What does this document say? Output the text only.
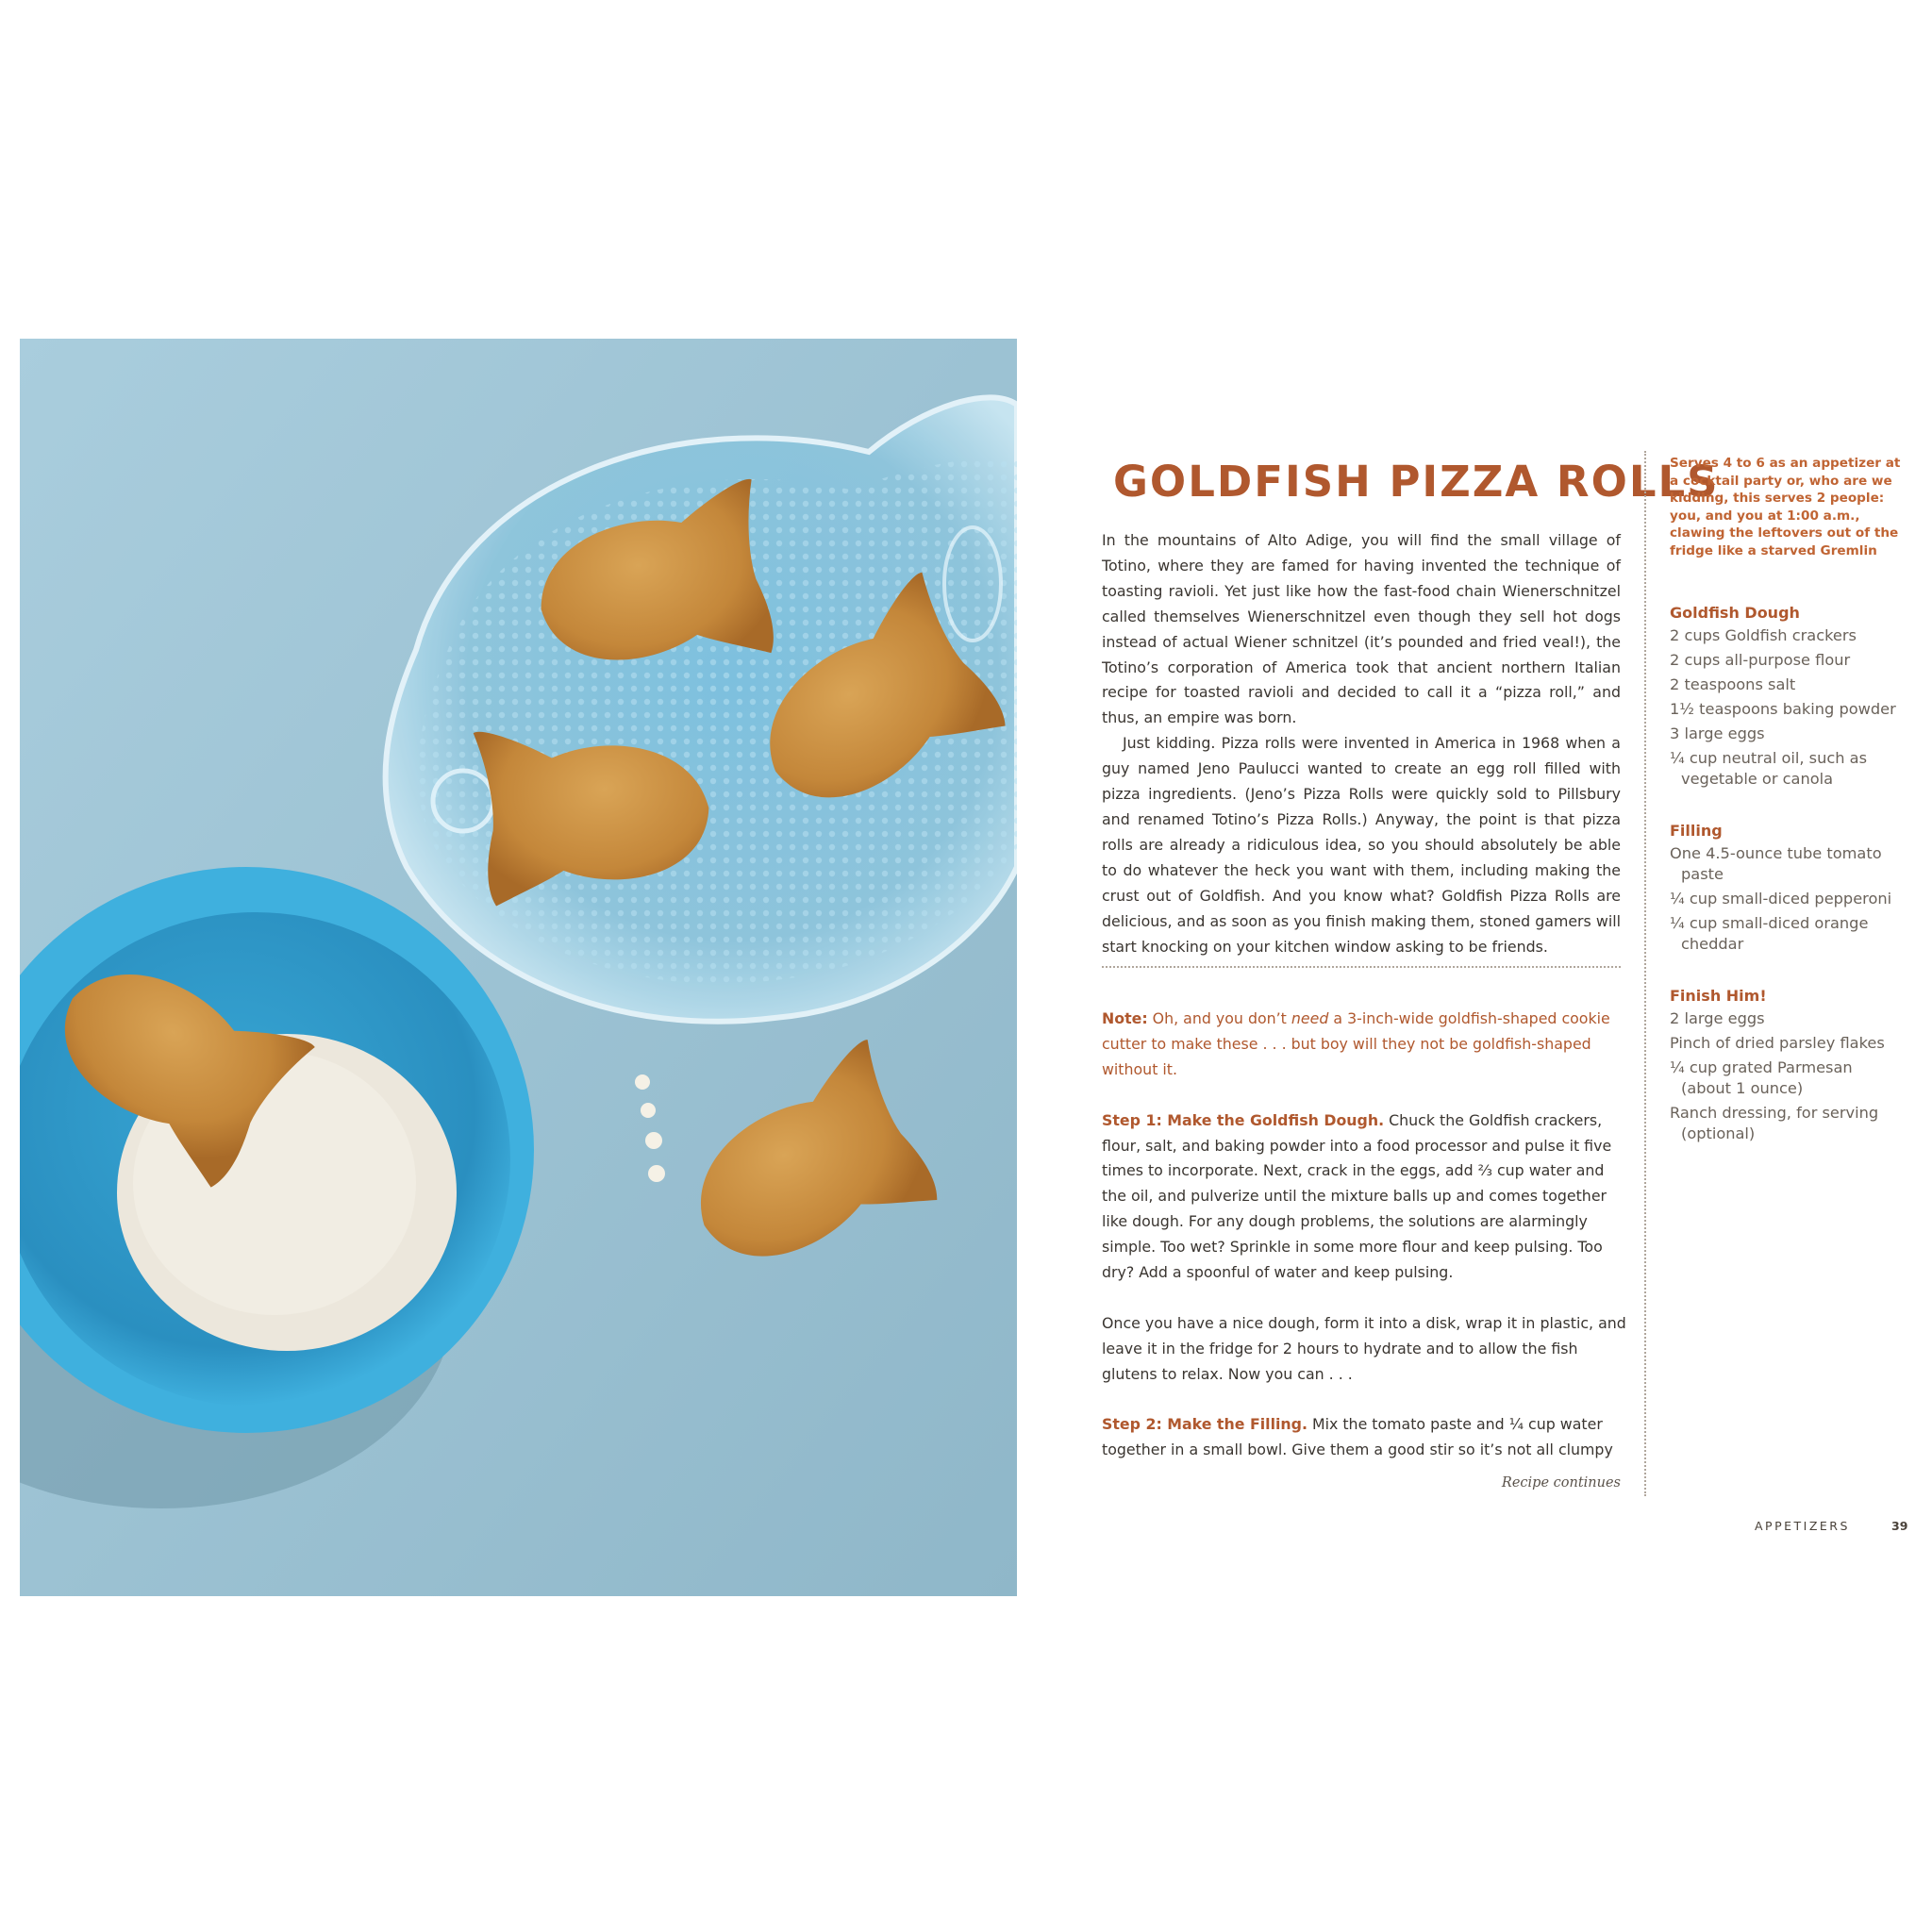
GOLDFISH PIZZA ROLLS

In the mountains of Alto Adige, you will find the small village of Totino, where they are famed for having invented the technique of toasting ravioli. Yet just like how the fast-food chain Wienerschnitzel called themselves Wienerschnitzel even though they sell hot dogs instead of actual Wiener schnitzel (it’s pounded and fried veal!), the Totino’s corporation of America took that ancient northern Italian recipe for toasted ravioli and decided to call it a “pizza roll,” and thus, an empire was born.

Just kidding. Pizza rolls were invented in America in 1968 when a guy named Jeno Paulucci wanted to create an egg roll filled with pizza ingredients. (Jeno’s Pizza Rolls were quickly sold to Pillsbury and renamed Totino’s Pizza Rolls.) Anyway, the point is that pizza rolls are already a ridiculous idea, so you should absolutely be able to do whatever the heck you want with them, including making the crust out of Goldfish. And you know what? Goldfish Pizza Rolls are delicious, and as soon as you finish making them, stoned gamers will start knocking on your kitchen window asking to be friends.

Note: Oh, and you don’t need a 3-inch-wide goldfish-shaped cookie cutter to make these . . . but boy will they not be goldfish-shaped without it.

Step 1: Make the Goldfish Dough. Chuck the Goldfish crackers, flour, salt, and baking powder into a food processor and pulse it five times to incorporate. Next, crack in the eggs, add ⅔ cup water and the oil, and pulverize until the mixture balls up and comes together like dough. For any dough problems, the solutions are alarmingly simple. Too wet? Sprinkle in some more flour and keep pulsing. Too dry? Add a spoonful of water and keep pulsing.

Once you have a nice dough, form it into a disk, wrap it in plastic, and leave it in the fridge for 2 hours to hydrate and to allow the fish glutens to relax. Now you can . . .

Step 2: Make the Filling. Mix the tomato paste and ¼ cup water together in a small bowl. Give them a good stir so it’s not all clumpy

Recipe continues
Serves 4 to 6 as an appetizer at a cocktail party or, who are we kidding, this serves 2 people: you, and you at 1:00 a.m., clawing the leftovers out of the fridge like a starved Gremlin
Goldfish Dough
2 cups Goldfish crackers
2 cups all-purpose flour
2 teaspoons salt
1½ teaspoons baking powder
3 large eggs
¼ cup neutral oil, such as vegetable or canola
Filling
One 4.5-ounce tube tomato paste
¼ cup small-diced pepperoni
¼ cup small-diced orange cheddar
Finish Him!
2 large eggs
Pinch of dried parsley flakes
¼ cup grated Parmesan (about 1 ounce)
Ranch dressing, for serving (optional)
APPETIZERS	39
